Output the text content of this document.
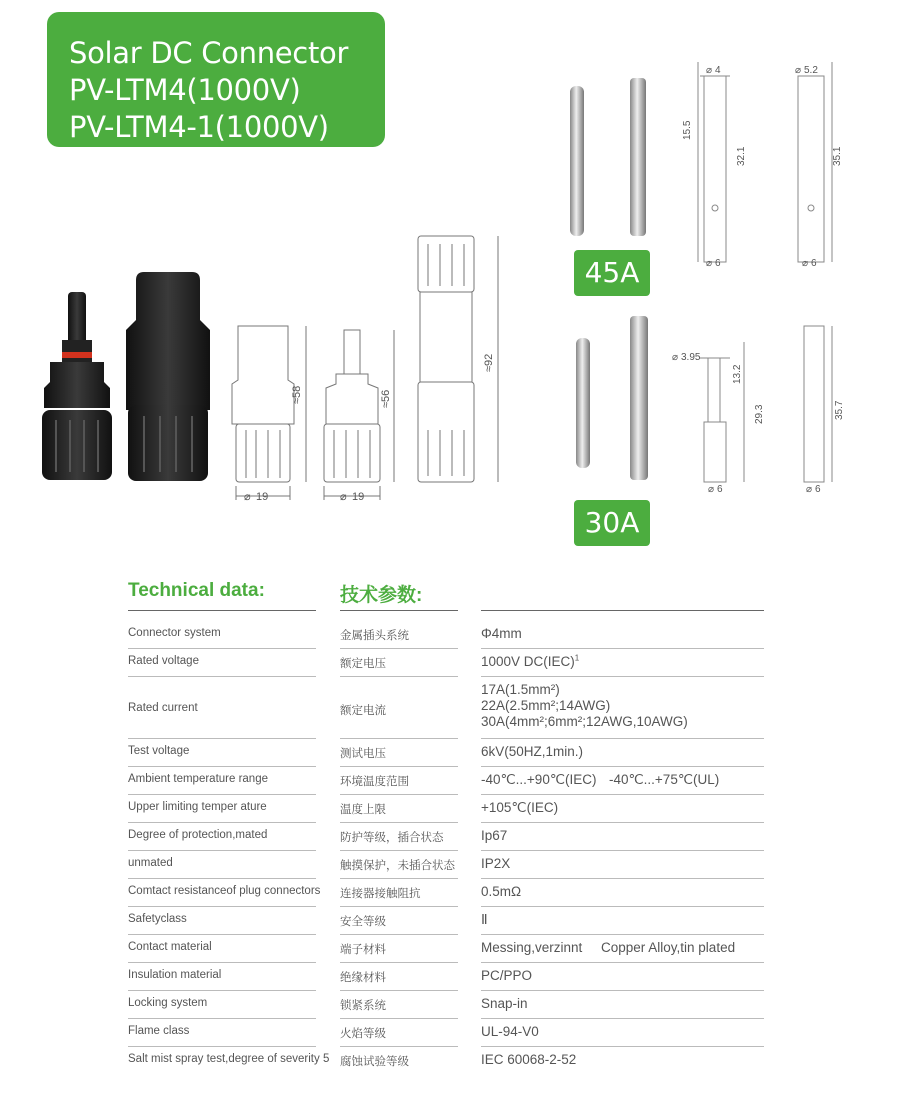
Solar DC Connector
PV-LTM4(1000V)
PV-LTM4-1(1000V)
≈58
⌀ 19
≈56
⌀ 19
≈92
⌀ 4	⌀ 5.2
15.5
32.1	35.1
⌀ 6	⌀ 6
⌀ 3.95
13.2
29.3	35.7
⌀ 6	⌀ 6
45A
30A
Technical data:	技术参数:
Connector system	金属插头系统	Φ4mm
Rated voltage	额定电压	1000V DC(IEC)$^1$
Rated current	额定电流
17A(1.5mm²)
22A(2.5mm²;14AWG)
30A(4mm²;6mm²;12AWG,10AWG)
Test voltage	测试电压	6kV(50HZ,1min.)
Ambient temperature range	环境温度范围	-40℃...+90℃(IEC) -40℃...+75℃(UL)
Upper limiting temper ature	温度上限	+105℃(IEC)
Degree of protection,mated	防护等级，插合状态	Ip67
unmated	触摸保护，未插合状态 IP2X
Comtact resistanceof plug connectors 连接器接触阻抗	0.5mΩ
Safetyclass	安全等级	Ⅱ
Contact material	端子材料	Messing,verzinnt Copper Alloy,tin plated
Insulation material	绝缘材料	PC/PPO
Locking system	锁紧系统	Snap-in
Flame class	火焰等级	UL-94-V0
Salt mist spray test,degree of severity 5 腐蚀试验等级	IEC 60068-2-52
